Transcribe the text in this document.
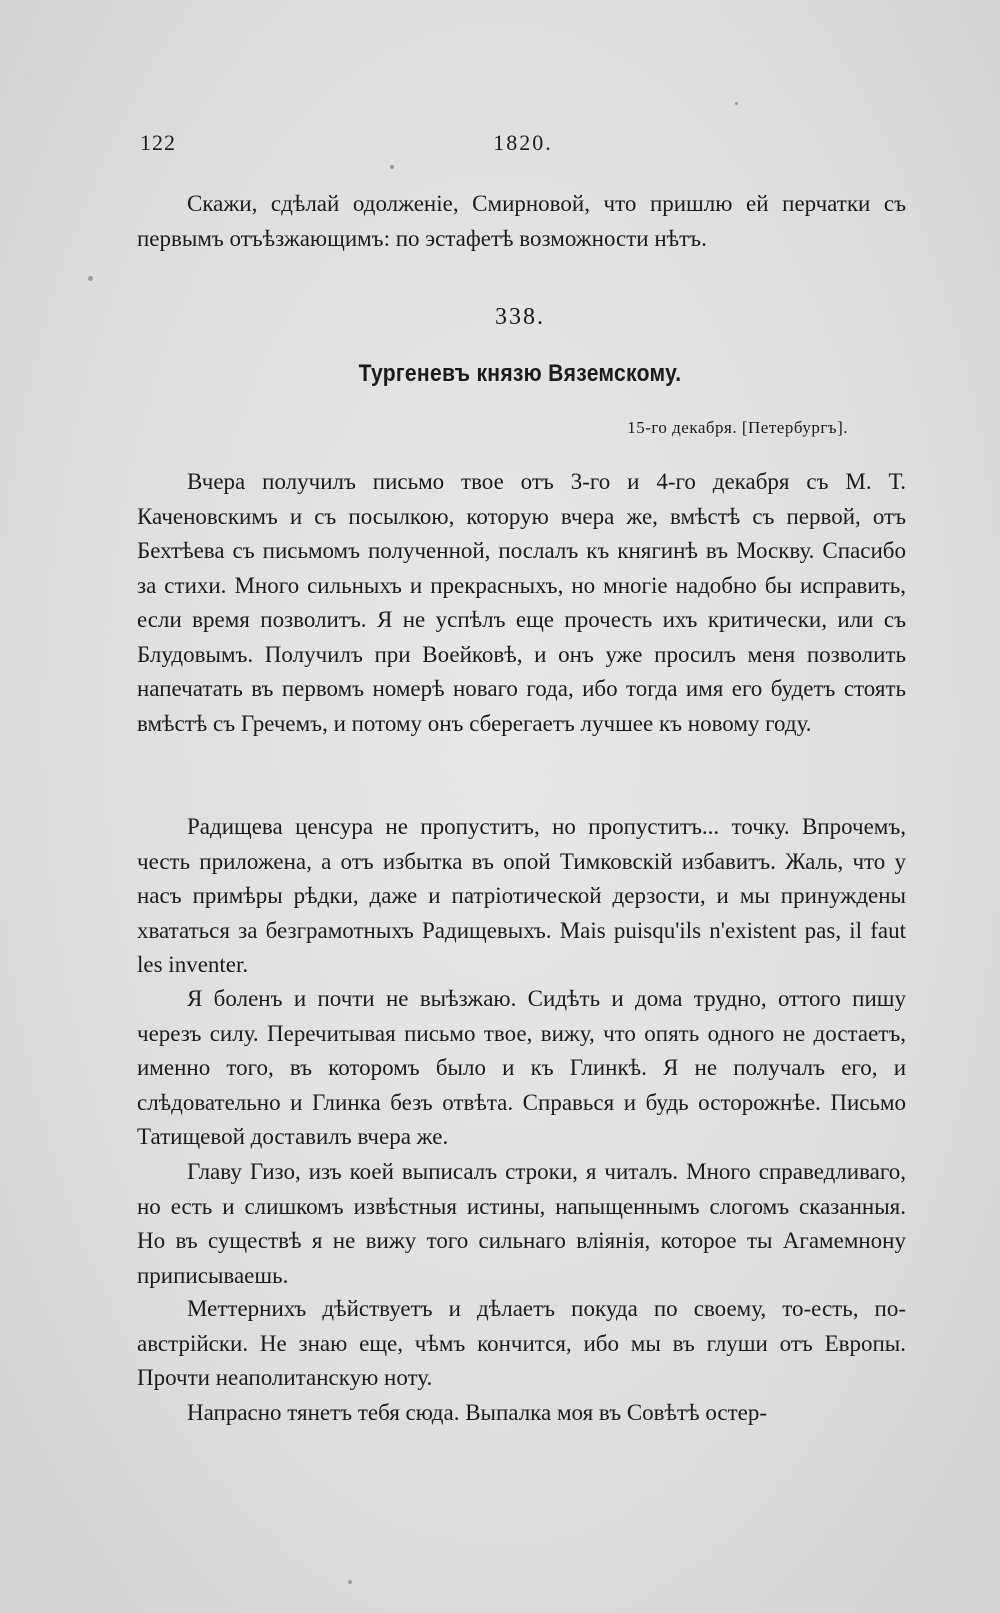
122	1820.

Скажи, сдѣлай одолженіе, Смирновой, что пришлю ей перчатки съ первымъ отъѣзжающимъ: по эстафетѣ возможности нѣтъ.

338.
Тургеневъ князю Вяземскому.
15-го декабря. [Петербургъ].

Вчера получилъ письмо твое отъ 3-го и 4-го декабря съ М. Т. Каченовскимъ и съ посылкою, которую вчера же, вмѣстѣ съ первой, отъ Бехтѣева съ письмомъ полученной, послалъ къ княгинѣ въ Москву. Спасибо за стихи. Много сильныхъ и прекрасныхъ, но многіе надобно бы исправить, если время позволитъ. Я не успѣлъ еще прочесть ихъ критически, или съ Блудовымъ. Получилъ при Воейковѣ, и онъ уже просилъ меня позволить напечатать въ первомъ номерѣ новаго года, ибо тогда имя его будетъ стоять вмѣстѣ съ Гречемъ, и потому онъ сберегаетъ лучшее къ новому году.

Радищева ценсура не пропуститъ, но пропуститъ... точку. Впрочемъ, честь приложена, а отъ избытка въ опой Тимковскій избавитъ. Жаль, что у насъ примѣры рѣдки, даже и патріотической дерзости, и мы принуждены хвататься за безграмотныхъ Радищевыхъ. Mais puisqu'ils n'existent pas, il faut les inventer.

Я боленъ и почти не выѣзжаю. Сидѣть и дома трудно, оттого пишу черезъ силу. Перечитывая письмо твое, вижу, что опять одного не достаетъ, именно того, въ которомъ было и къ Глинкѣ. Я не получалъ его, и слѣдовательно и Глинка безъ отвѣта. Справься и будь осторожнѣе. Письмо Татищевой доставилъ вчера же.

Главу Гизо, изъ коей выписалъ строки, я читалъ. Много справедливаго, но есть и слишкомъ извѣстныя истины, напыщеннымъ слогомъ сказанныя. Но въ существѣ я не вижу того сильнаго вліянія, которое ты Агамемнону приписываешь.

Меттернихъ дѣйствуетъ и дѣлаетъ покуда по своему, то-есть, по-австрійски. Не знаю еще, чѣмъ кончится, ибо мы въ глуши отъ Европы. Прочти неаполитанскую ноту.

Напрасно тянетъ тебя сюда. Выпалка моя въ Совѣтѣ остер-
